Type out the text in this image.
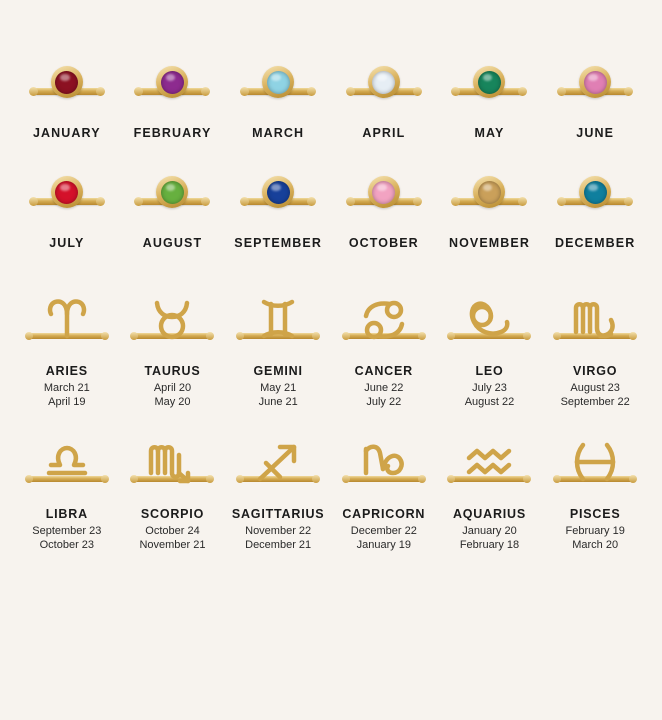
JANUARY	FEBRUARY	MARCH	APRIL	MAY	JUNE
JULY	AUGUST	SEPTEMBER OCTOBER NOVEMBER DECEMBER
ARIES
March 21
April 19
TAURUS
April 20
May 20
GEMINI
May 21
June 21
CANCER
June 22
July 22
LEO
July 23
August 22
VIRGO
August 23
September 22
LIBRA
September 23
October 23
SCORPIO
October 24
November 21
SAGITTARIUS
November 22
December 21
CAPRICORN
December 22
January 19
AQUARIUS
January 20
February 18
PISCES
February 19
March 20
